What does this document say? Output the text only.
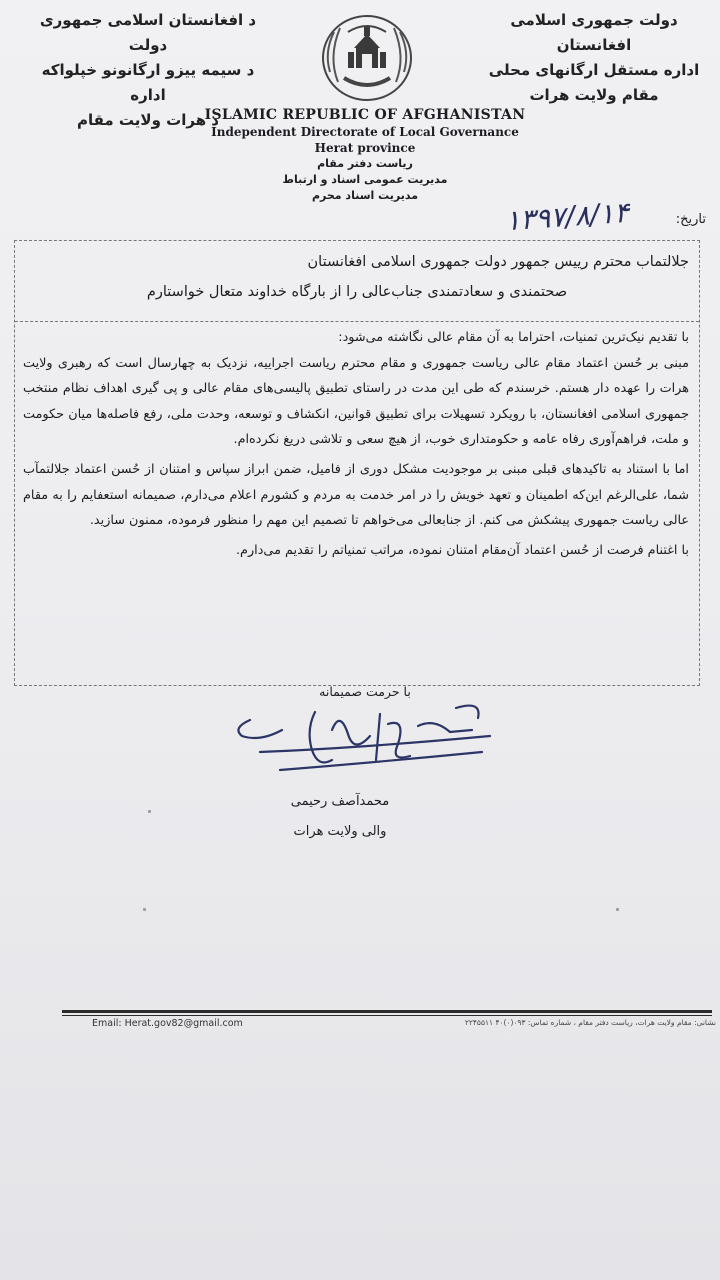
د افغانستان اسلامی جمهوری دولت
د سیمه ییزو ارگانونو خپلواکه اداره
د هرات ولایت مقام
دولت جمهوری اسلامی افغانستان
اداره مستقل ارگانهای محلی
مقام ولایت هرات
ISLAMIC REPUBLIC OF AFGHANISTAN
Independent Directorate of Local Governance
Herat province
ریاست دفتر مقام
مدیریت عمومی اسناد و ارتباط
مدیریت اسناد محرم
تاریخ:
۱۳۹۷/۸/۱۴

جلالتماب محترم رییس جمهور دولت جمهوری اسلامی افغانستان

صحتمندی و سعادتمندی جناب‌عالی را از بارگاه خداوند متعال خواستارم

با تقدیم نیک‌ترین تمنیات، احتراما به آن مقام عالی نگاشته می‌شود:

مبنی بر حُسن اعتماد مقام عالی ریاست جمهوری و مقام محترم ریاست اجراییه، نزدیک به چهارسال است که رهبری ولایت هرات را عهده دار هستم. خرسندم که طی این مدت در راستای تطبیق پالیسی‌های مقام عالی و پی گیری اهداف نظام منتخب جمهوری اسلامی افغانستان، با رویکرد تسهیلات برای تطبیق قوانین، انکشاف و توسعه، وحدت ملی، رفع فاصله‌ها میان حکومت و ملت، فراهم‌آوری رفاه عامه و حکومتداری خوب، از هیچ سعی و تلاشی دریغ نکرده‌ام.

اما با استناد به تاکیدهای قبلی مبنی بر موجودیت مشکل دوری از فامیل، ضمن ابراز سپاس و امتنان از حُسن اعتماد جلالتمآب شما، علی‌الرغم این‌که اطمینان و تعهد خویش را در امر خدمت به مردم و کشورم اعلام می‌دارم، صمیمانه استعفایم را به مقام عالی ریاست جمهوری پیشکش می کنم. از جنابعالی می‌خواهم تا تصمیم این مهم را منظور فرموده، ممنون سازید.

با اغتنام فرصت از حُسن اعتماد آن‌مقام امتنان نموده، مراتب تمنیاتم را تقدیم می‌دارم.

با حرمت صمیمانه
محمدآصف رحیمی
والی ولایت هرات
Email: Herat.gov82@gmail.com	نشانی: مقام ولایت هرات، ریاست دفتر مقام ، شماره تماس: ۰۹۳(۰)۴۰ ۲۲۴۵۵۱۱
